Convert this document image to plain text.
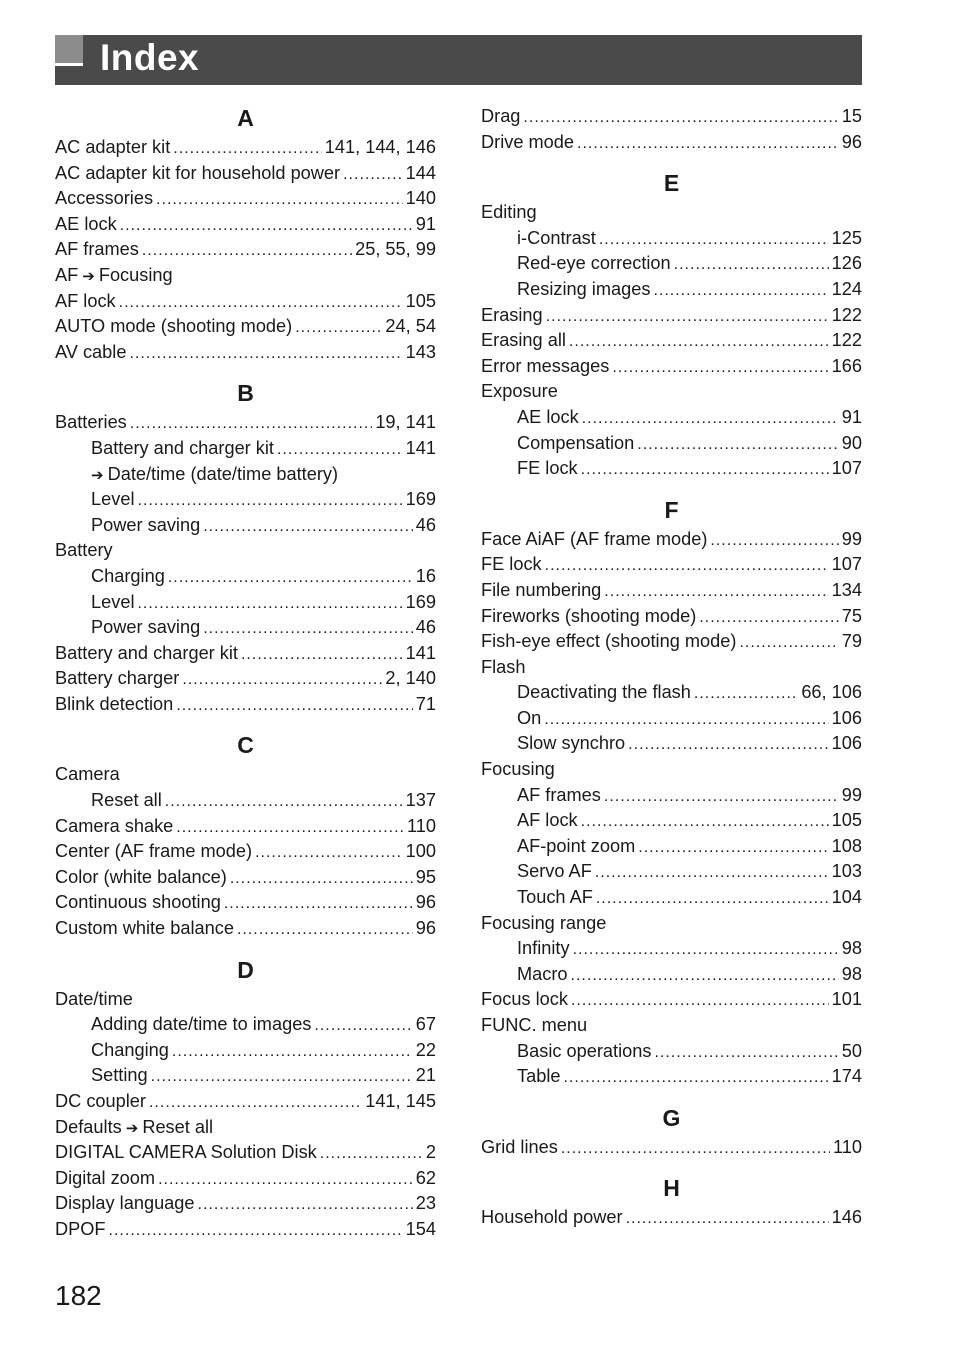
Index
A
AC adapter kit .....	141, 144, 146
AC adapter kit for household power .....	144
Accessories .....	140
AE lock .....	91
AF frames .....	25, 55, 99
AF ➔ Focusing
AF lock .....	105
AUTO mode (shooting mode) .....	24, 54
AV cable .....	143
B
Batteries .....	19, 141
Battery and charger kit .....	141
➔ Date/time (date/time battery)
Level .....	169
Power saving .....	46
Battery
Charging .....	16
Level .....	169
Power saving .....	46
Battery and charger kit .....	141
Battery charger .....	2, 140
Blink detection .....	71
C
Camera
Reset all .....	137
Camera shake .....	110
Center (AF frame mode) .....	100
Color (white balance) .....	95
Continuous shooting .....	96
Custom white balance .....	96
D
Date/time
Adding date/time to images .....	67
Changing .....	22
Setting .....	21
DC coupler .....	141, 145
Defaults ➔ Reset all
DIGITAL CAMERA Solution Disk .....	2
Digital zoom .....	62
Display language .....	23
DPOF .....	154
Drag .....	15
Drive mode .....	96
E
Editing
i-Contrast .....	125
Red-eye correction .....	126
Resizing images .....	124
Erasing .....	122
Erasing all .....	122
Error messages .....	166
Exposure
AE lock .....	91
Compensation .....	90
FE lock .....	107
F
Face AiAF (AF frame mode) .....	99
FE lock .....	107
File numbering .....	134
Fireworks (shooting mode) .....	75
Fish-eye effect (shooting mode) .....	79
Flash
Deactivating the flash .....	66, 106
On .....	106
Slow synchro .....	106
Focusing
AF frames .....	99
AF lock .....	105
AF-point zoom .....	108
Servo AF .....	103
Touch AF .....	104
Focusing range
Infinity .....	98
Macro .....	98
Focus lock .....	101
FUNC. menu
Basic operations .....	50
Table .....	174
G
Grid lines .....	110
H
Household power .....	146
182
